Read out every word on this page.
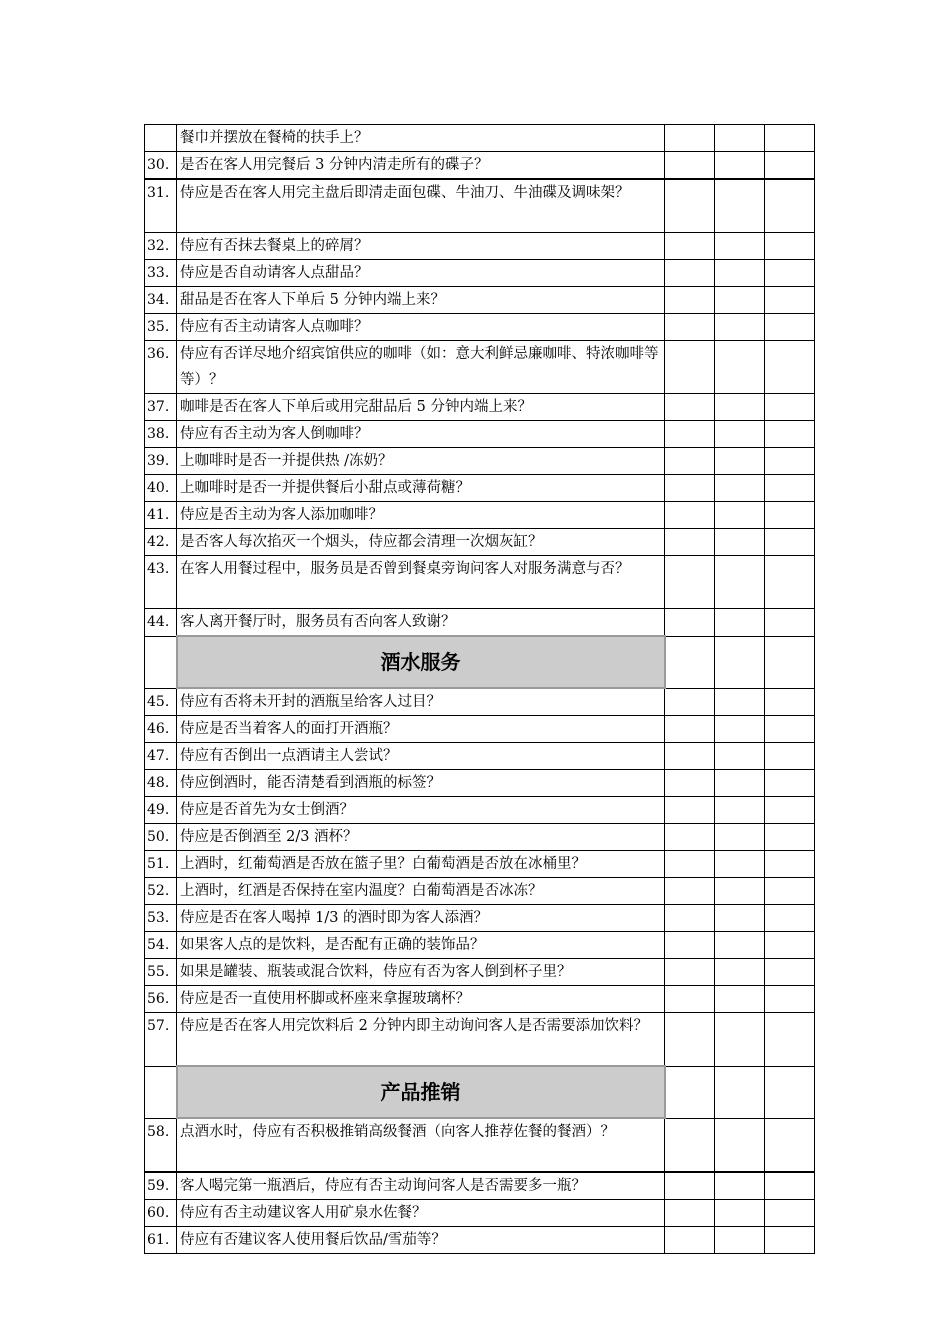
	餐巾并摆放在餐椅的扶手上？			
30.	是否在客人用完餐后 3 分钟内清走所有的碟子？			
31.	侍应是否在客人用完主盘后即清走面包碟、牛油刀、牛油碟及调味架？			
32.	侍应有否抹去餐桌上的碎屑？			
33.	侍应是否自动请客人点甜品？			
34.	甜品是否在客人下单后 5 分钟内端上来？			
35.	侍应有否主动请客人点咖啡？			
36.	侍应有否详尽地介绍宾馆供应的咖啡（如：意大利鲜忌廉咖啡、特浓咖啡等等）？			
37.	咖啡是否在客人下单后或用完甜品后 5 分钟内端上来？			
38.	侍应有否主动为客人倒咖啡？			
39.	上咖啡时是否一并提供热 /冻奶？			
40.	上咖啡时是否一并提供餐后小甜点或薄荷糖？			
41.	侍应是否主动为客人添加咖啡？			
42.	是否客人每次掐灭一个烟头，侍应都会清理一次烟灰缸？			
43.	在客人用餐过程中，服务员是否曾到餐桌旁询问客人对服务满意与否？			
44.	客人离开餐厅时，服务员有否向客人致谢？			
	酒水服务			
45.	侍应有否将未开封的酒瓶呈给客人过目？			
46.	侍应是否当着客人的面打开酒瓶？			
47.	侍应有否倒出一点酒请主人尝试？			
48.	侍应倒酒时，能否清楚看到酒瓶的标签？			
49.	侍应是否首先为女士倒酒？			
50.	侍应是否倒酒至 2/3 酒杯？			
51.	上酒时，红葡萄酒是否放在篮子里？白葡萄酒是否放在冰桶里？			
52.	上酒时，红酒是否保持在室内温度？白葡萄酒是否冰冻？			
53.	侍应是否在客人喝掉 1/3 的酒时即为客人添酒？			
54.	如果客人点的是饮料，是否配有正确的装饰品？			
55.	如果是罐装、瓶装或混合饮料，侍应有否为客人倒到杯子里？			
56.	侍应是否一直使用杯脚或杯座来拿握玻璃杯？			
57.	侍应是否在客人用完饮料后 2 分钟内即主动询问客人是否需要添加饮料？			
	产品推销			
58.	点酒水时，侍应有否积极推销高级餐酒（向客人推荐佐餐的餐酒）？			
59.	客人喝完第一瓶酒后，侍应有否主动询问客人是否需要多一瓶？			
60.	侍应有否主动建议客人用矿泉水佐餐？			
61.	侍应有否建议客人使用餐后饮品/雪茄等？			
